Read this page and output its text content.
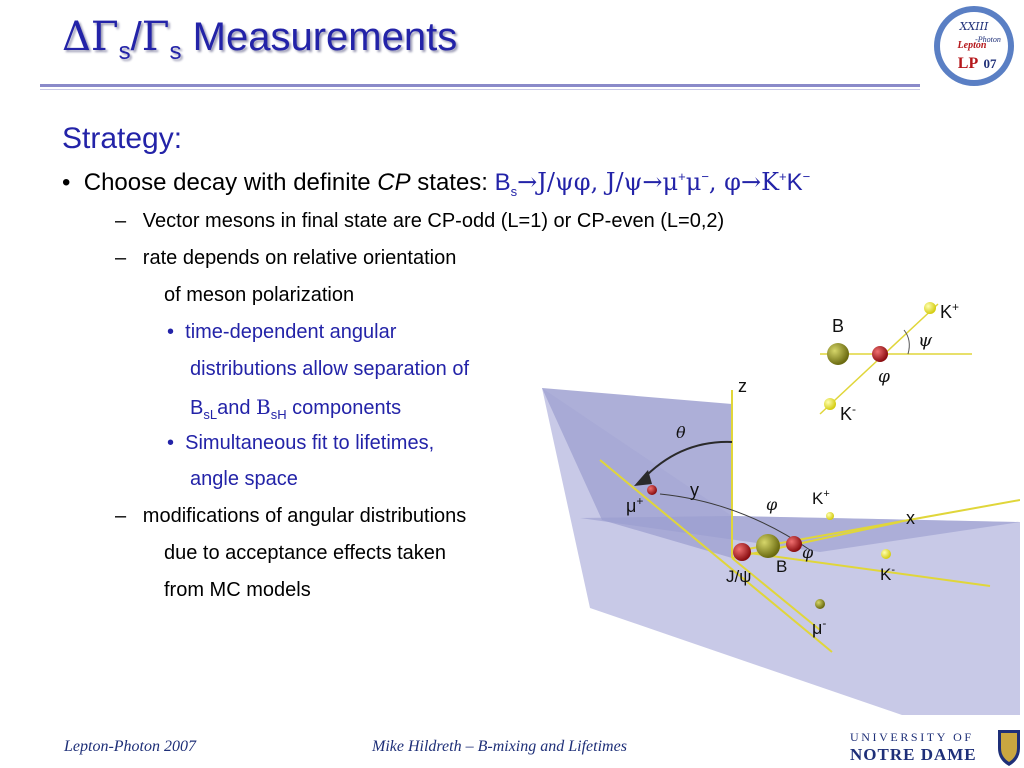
$\Delta\Gamma_s/\Gamma_s$ Measurements	XXIII
Lepton
-Photon
LP 07
Strategy:
• Choose decay with definite CP states: $B_s\to J/\psi\varphi$, J/ψ→μ+μ−, φ→K+K−
– Vector mesons in final state are CP-odd (L=1) or CP-even (L=0,2)
– rate depends on relative orientation
of meson polarization
• time-dependent angular
distributions allow separation of
$B_{sL}and$ $B_{sH}$ components
• Simultaneous fit to lifetimes,
angle space
– modifications of angular distributions
due to acceptance effects taken
from MC models
z
θ
y
μ+	φ K+
x
φ
J/ψ
B	K-
μ-
B
K+
ψ
φ
K-
Lepton-Photon 2007	Mike Hildreth – B-mixing and Lifetimes
UNIVERSITY OF
NOTRE DAME
